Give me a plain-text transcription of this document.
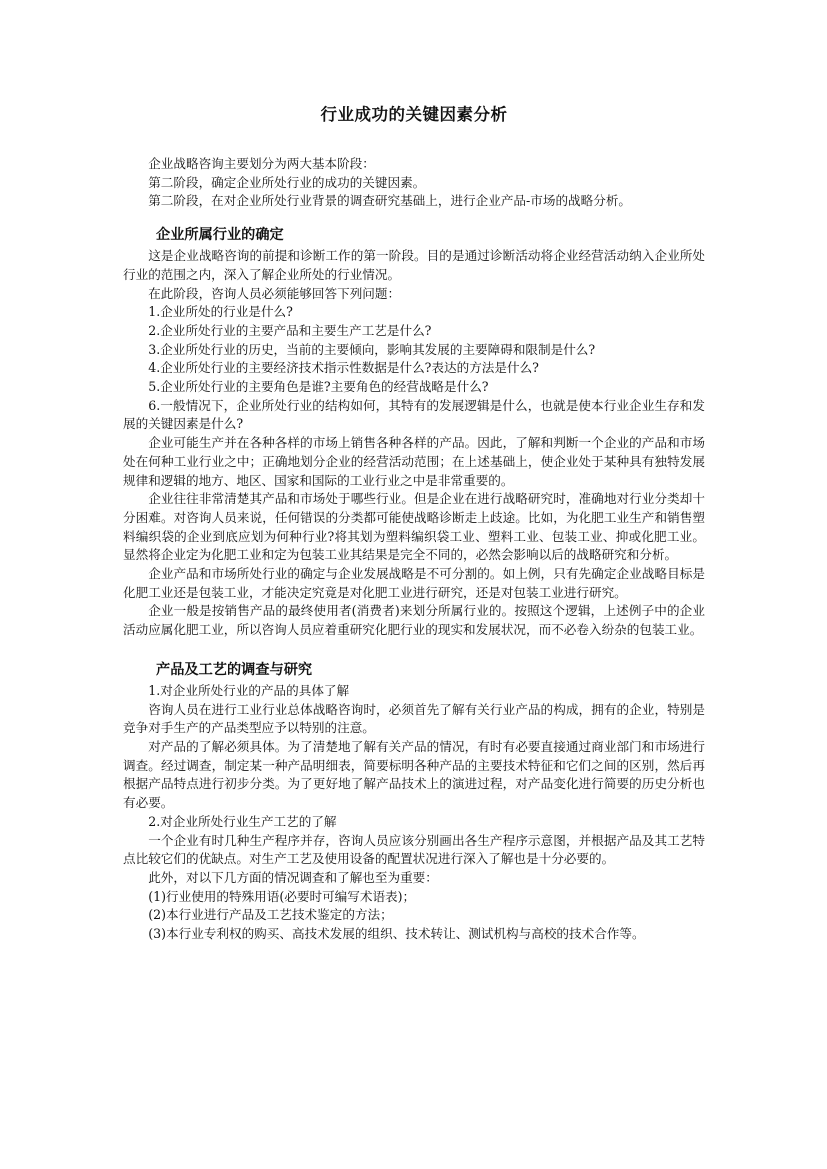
行业成功的关键因素分析

企业战略咨询主要划分为两大基本阶段：

第二阶段，确定企业所处行业的成功的关键因素。

第二阶段，在对企业所处行业背景的调查研究基础上，进行企业产品-市场的战略分析。

企业所属行业的确定

这是企业战略咨询的前提和诊断工作的第一阶段。目的是通过诊断活动将企业经营活动纳入企业所处行业的范围之内，深入了解企业所处的行业情况。

在此阶段，咨询人员必须能够回答下列问题：

1.企业所处的行业是什么?

2.企业所处行业的主要产品和主要生产工艺是什么?

3.企业所处行业的历史，当前的主要倾向，影响其发展的主要障碍和限制是什么?

4.企业所处行业的主要经济技术指示性数据是什么?表达的方法是什么?

5.企业所处行业的主要角色是谁?主要角色的经营战略是什么?

6.一般情况下，企业所处行业的结构如何，其特有的发展逻辑是什么，也就是使本行业企业生存和发展的关键因素是什么?

企业可能生产并在各种各样的市场上销售各种各样的产品。因此，了解和判断一个企业的产品和市场处在何种工业行业之中；正确地划分企业的经营活动范围；在上述基础上，使企业处于某种具有独特发展规律和逻辑的地方、地区、国家和国际的工业行业之中是非常重要的。

企业往往非常清楚其产品和市场处于哪些行业。但是企业在进行战略研究时，准确地对行业分类却十分困难。对咨询人员来说，任何错误的分类都可能使战略诊断走上歧途。比如，为化肥工业生产和销售塑料编织袋的企业到底应划为何种行业?将其划为塑料编织袋工业、塑料工业、包装工业、抑或化肥工业。显然将企业定为化肥工业和定为包装工业其结果是完全不同的，必然会影响以后的战略研究和分析。

企业产品和市场所处行业的确定与企业发展战略是不可分割的。如上例，只有先确定企业战略目标是化肥工业还是包装工业，才能决定究竟是对化肥工业进行研究，还是对包装工业进行研究。

企业一般是按销售产品的最终使用者(消费者)来划分所属行业的。按照这个逻辑，上述例子中的企业活动应属化肥工业，所以咨询人员应着重研究化肥行业的现实和发展状况，而不必卷入纷杂的包装工业。

产品及工艺的调查与研究

1.对企业所处行业的产品的具体了解

咨询人员在进行工业行业总体战略咨询时，必须首先了解有关行业产品的构成，拥有的企业，特别是竞争对手生产的产品类型应予以特别的注意。

对产品的了解必须具体。为了清楚地了解有关产品的情况，有时有必要直接通过商业部门和市场进行调查。经过调查，制定某一种产品明细表，简要标明各种产品的主要技术特征和它们之间的区别，然后再根据产品特点进行初步分类。为了更好地了解产品技术上的演进过程，对产品变化进行简要的历史分析也有必要。

2.对企业所处行业生产工艺的了解

一个企业有时几种生产程序并存，咨询人员应该分别画出各生产程序示意图，并根据产品及其工艺特点比较它们的优缺点。对生产工艺及使用设备的配置状况进行深入了解也是十分必要的。

此外，对以下几方面的情况调查和了解也至为重要：

(1)行业使用的特殊用语(必要时可编写术语表)；

(2)本行业进行产品及工艺技术鉴定的方法；

(3)本行业专利权的购买、高技术发展的组织、技术转让、测试机构与高校的技术合作等。
